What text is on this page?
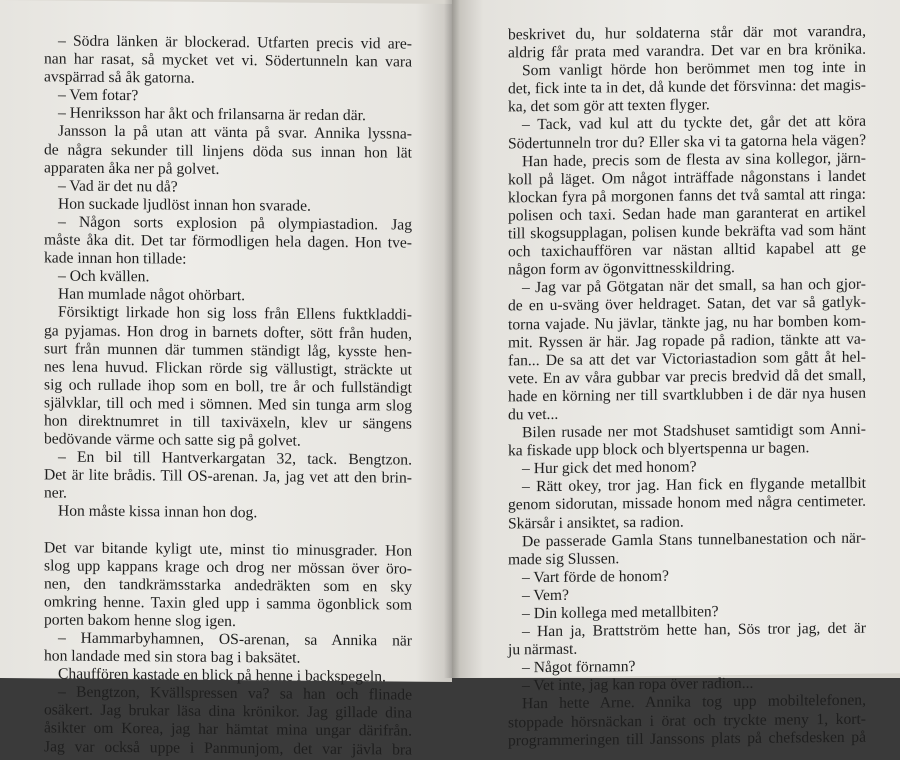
– Södra länken är blockerad. Utfarten precis vid are-
nan har rasat, så mycket vet vi. Södertunneln kan vara
avspärrad så åk gatorna.
– Vem fotar?
– Henriksson har åkt och frilansarna är redan där.
Jansson la på utan att vänta på svar. Annika lyssna-
de några sekunder till linjens döda sus innan hon lät
apparaten åka ner på golvet.
– Vad är det nu då?
Hon suckade ljudlöst innan hon svarade.
– Någon sorts explosion på olympiastadion. Jag
måste åka dit. Det tar förmodligen hela dagen. Hon tve-
kade innan hon tillade:
– Och kvällen.
Han mumlade något ohörbart.
Försiktigt lirkade hon sig loss från Ellens fuktkladdi-
ga pyjamas. Hon drog in barnets dofter, sött från huden,
surt från munnen där tummen ständigt låg, kysste hen-
nes lena huvud. Flickan rörde sig vällustigt, sträckte ut
sig och rullade ihop som en boll, tre år och fullständigt
självklar, till och med i sömnen. Med sin tunga arm slog
hon direktnumret in till taxiväxeln, klev ur sängens
bedövande värme och satte sig på golvet.
– En bil till Hantverkargatan 32, tack. Bengtzon.
Det är lite brådis. Till OS-arenan. Ja, jag vet att den brin-
ner.
Hon måste kissa innan hon dog.
Det var bitande kyligt ute, minst tio minusgrader. Hon
slog upp kappans krage och drog ner mössan över öro-
nen, den tandkrämsstarka andedräkten som en sky
omkring henne. Taxin gled upp i samma ögonblick som
porten bakom henne slog igen.
– Hammarbyhamnen, OS-arenan, sa Annika när
hon landade med sin stora bag i baksätet.
Chauffören kastade en blick på henne i backspegeln.
– Bengtzon, Kvällspressen va? sa han och flinade
osäkert. Jag brukar läsa dina krönikor. Jag gillade dina
åsikter om Korea, jag har hämtat mina ungar därifrån.
Jag var också uppe i Panmunjom, det var jävla bra
beskrivet du, hur soldaterna står där mot varandra,
aldrig får prata med varandra. Det var en bra krönika.
Som vanligt hörde hon berömmet men tog inte in
det, fick inte ta in det, då kunde det försvinna: det magis-
ka, det som gör att texten flyger.
– Tack, vad kul att du tyckte det, går det att köra
Södertunneln tror du? Eller ska vi ta gatorna hela vägen?
Han hade, precis som de flesta av sina kollegor, järn-
koll på läget. Om något inträffade någonstans i landet
klockan fyra på morgonen fanns det två samtal att ringa:
polisen och taxi. Sedan hade man garanterat en artikel
till skogsupplagan, polisen kunde bekräfta vad som hänt
och taxichauffören var nästan alltid kapabel att ge
någon form av ögonvittnesskildring.
– Jag var på Götgatan när det small, sa han och gjor-
de en u-sväng över heldraget. Satan, det var så gatlyk-
torna vajade. Nu jävlar, tänkte jag, nu har bomben kom-
mit. Ryssen är här. Jag ropade på radion, tänkte att va-
fan... De sa att det var Victoriastadion som gått åt hel-
vete. En av våra gubbar var precis bredvid då det small,
hade en körning ner till svartklubben i de där nya husen
du vet...
Bilen rusade ner mot Stadshuset samtidigt som Anni-
ka fiskade upp block och blyertspenna ur bagen.
– Hur gick det med honom?
– Rätt okey, tror jag. Han fick en flygande metallbit
genom sidorutan, missade honom med några centimeter.
Skärsår i ansiktet, sa radion.
De passerade Gamla Stans tunnelbanestation och när-
made sig Slussen.
– Vart förde de honom?
– Vem?
– Din kollega med metallbiten?
– Han ja, Brattström hette han, Sös tror jag, det är
ju närmast.
– Något förnamn?
– Vet inte, jag kan ropa över radion...
Han hette Arne. Annika tog upp mobiltelefonen,
stoppade hörsnäckan i örat och tryckte meny 1, kort-
programmeringen till Janssons plats på chefsdesken på
